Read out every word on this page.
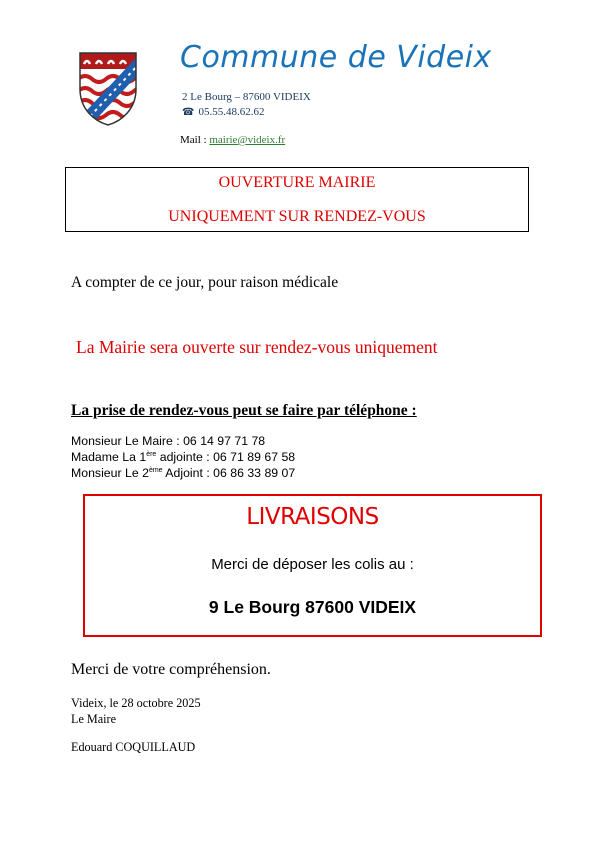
Commune de Videix
2 Le Bourg – 87600 VIDEIX
☎ 05.55.48.62.62
Mail : mairie@videix.fr
OUVERTURE MAIRIE
UNIQUEMENT SUR RENDEZ-VOUS
A compter de ce jour, pour raison médicale
La Mairie sera ouverte sur rendez-vous uniquement
La prise de rendez-vous peut se faire par téléphone :
Monsieur Le Maire : 06 14 97 71 78
Madame La 1ère adjointe : 06 71 89 67 58
Monsieur Le 2ème Adjoint : 06 86 33 89 07
LIVRAISONS
Merci de déposer les colis au :
9 Le Bourg 87600 VIDEIX
Merci de votre compréhension.
Videix, le 28 octobre 2025
Le Maire
Edouard COQUILLAUD
